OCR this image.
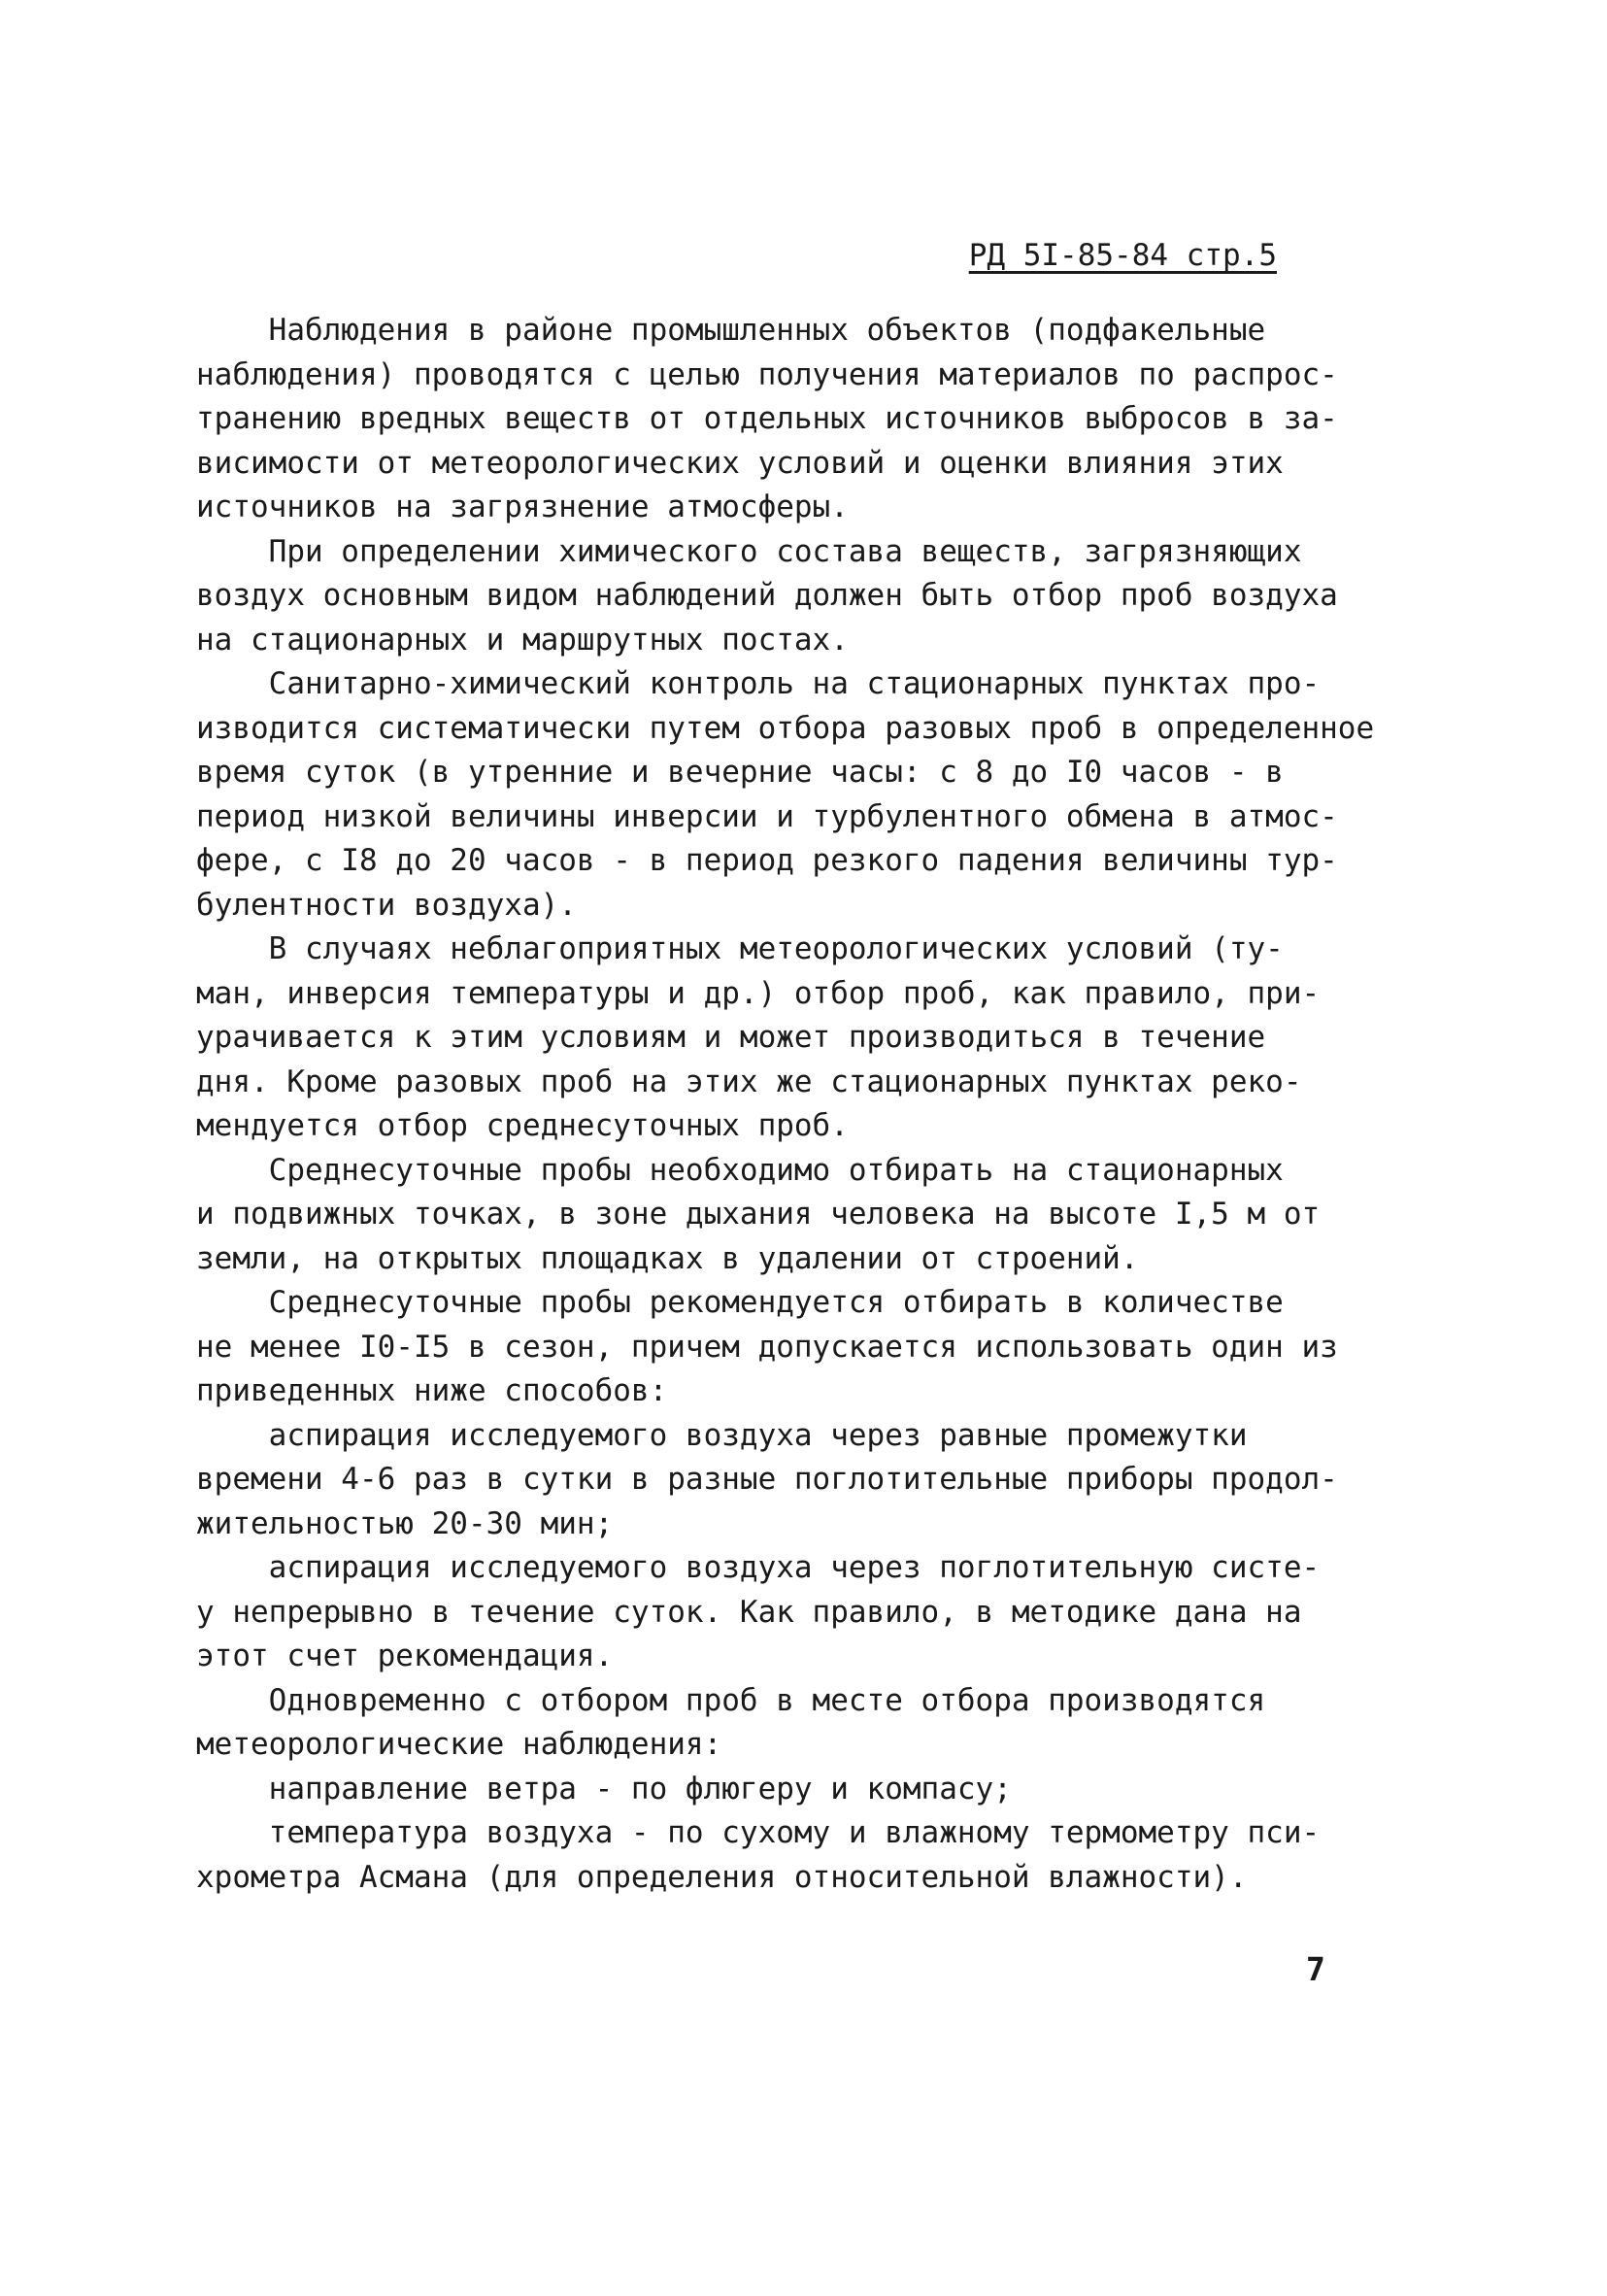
РД 5I-85-84 стр.5
Наблюдения в районе промышленных объектов (подфакельные
наблюдения) проводятся с целью получения материалов по распрос-
транению вредных веществ от отдельных источников выбросов в за-
висимости от метеорологических условий и оценки влияния этих
источников на загрязнение атмосферы.
При определении химического состава веществ, загрязняющих
воздух основным видом наблюдений должен быть отбор проб воздуха
на стационарных и маршрутных постах.
Санитарно-химический контроль на стационарных пунктах про-
изводится систематически путем отбора разовых проб в определенное
время суток (в утренние и вечерние часы: с 8 до I0 часов - в
период низкой величины инверсии и турбулентного обмена в атмос-
фере, с I8 до 20 часов - в период резкого падения величины тур-
булентности воздуха).
В случаях неблагоприятных метеорологических условий (ту-
ман, инверсия температуры и др.) отбор проб, как правило, при-
урачивается к этим условиям и может производиться в течение
дня. Кроме разовых проб на этих же стационарных пунктах реко-
мендуется отбор среднесуточных проб.
Среднесуточные пробы необходимо отбирать на стационарных
и подвижных точках, в зоне дыхания человека на высоте I,5 м от
земли, на открытых площадках в удалении от строений.
Среднесуточные пробы рекомендуется отбирать в количестве
не менее I0-I5 в сезон, причем допускается использовать один из
приведенных ниже способов:
аспирация исследуемого воздуха через равные промежутки
времени 4-6 раз в сутки в разные поглотительные приборы продол-
жительностью 20-30 мин;
аспирация исследуемого воздуха через поглотительную систе-
у непрерывно в течение суток. Как правило, в методике дана на
этот счет рекомендация.
Одновременно с отбором проб в месте отбора производятся
метеорологические наблюдения:
направление ветра - по флюгеру и компасу;
температура воздуха - по сухому и влажному термометру пси-
хрометра Асмана (для определения относительной влажности).
7
